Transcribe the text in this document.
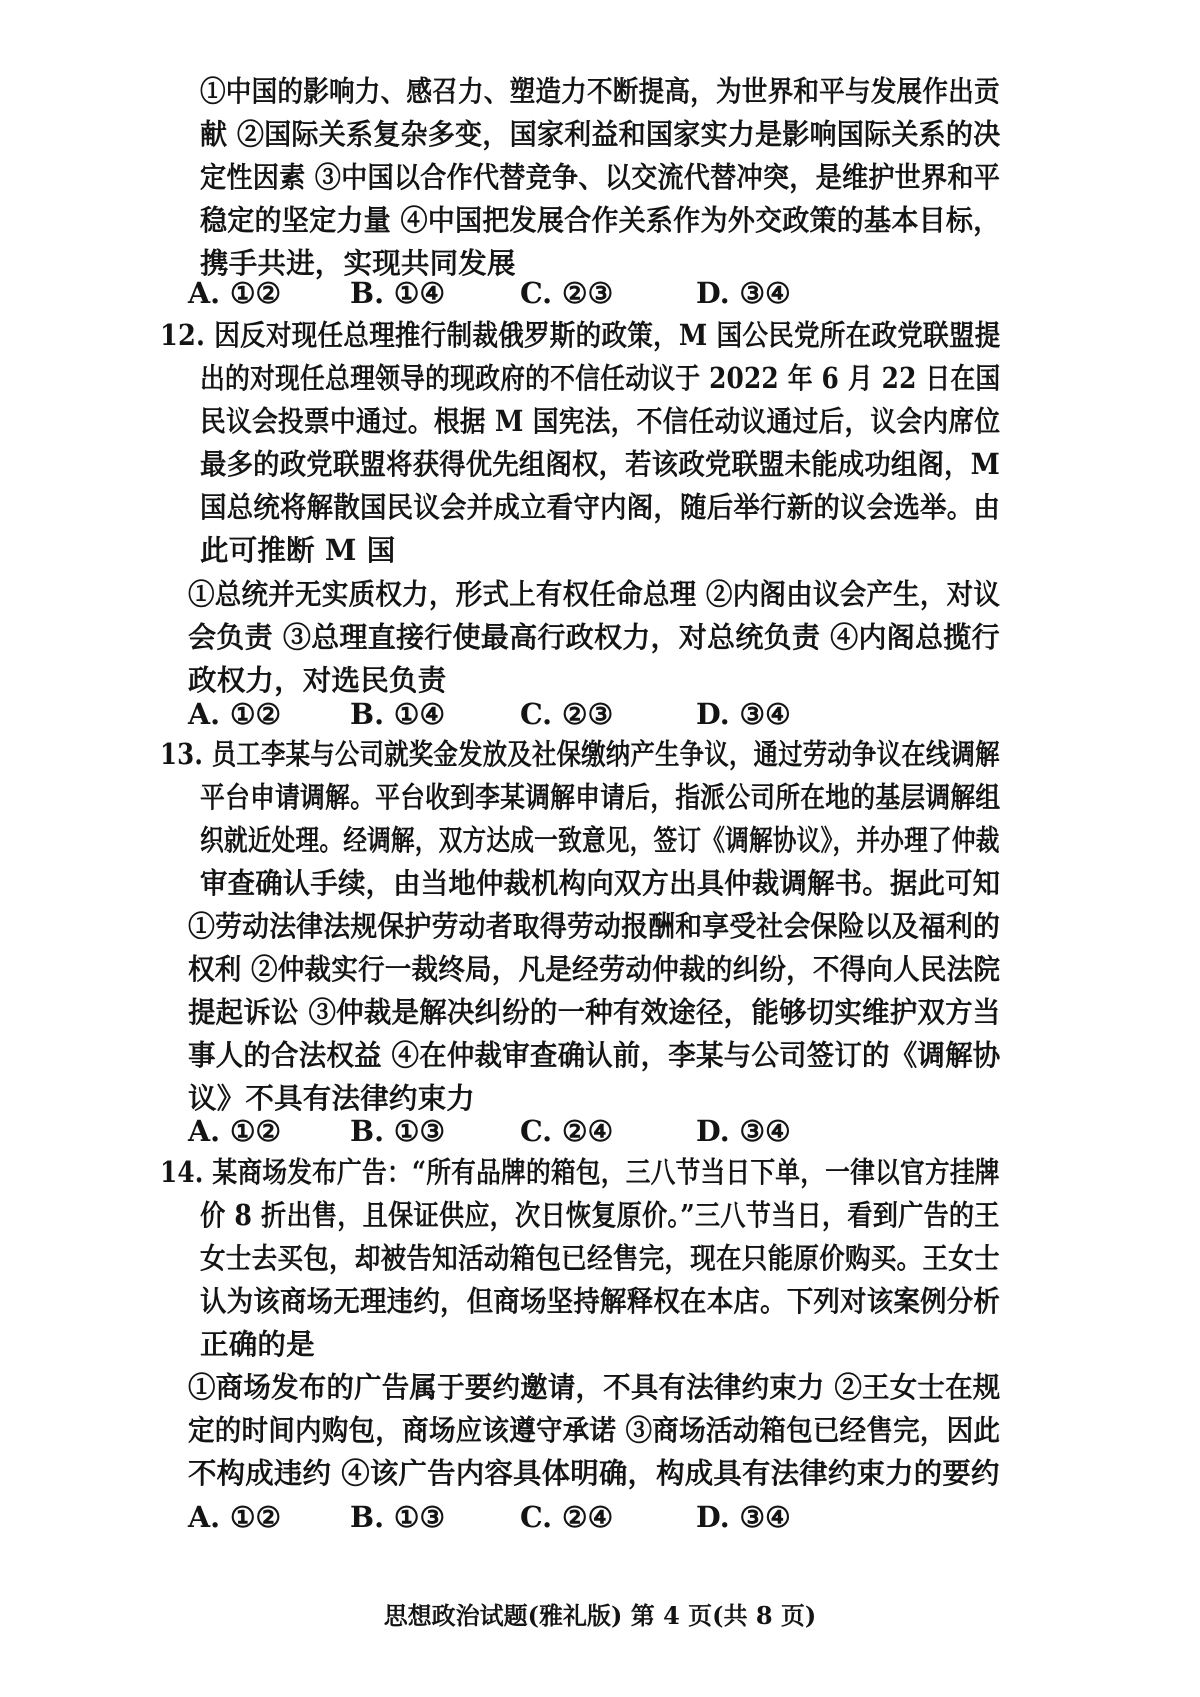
①中国的影响力、感召力、塑造力不断提高，为世界和平与发展作出贡
献 ②国际关系复杂多变，国家利益和国家实力是影响国际关系的决
定性因素 ③中国以合作代替竞争、以交流代替冲突，是维护世界和平
稳定的坚定力量 ④中国把发展合作关系作为外交政策的基本目标，
携手共进，实现共同发展
A. ①② B. ①④	C. ②③	D. ③④
12. 因反对现任总理推行制裁俄罗斯的政策，M 国公民党所在政党联盟提
出的对现任总理领导的现政府的不信任动议于 2022 年 6 月 22 日在国
民议会投票中通过。根据 M 国宪法，不信任动议通过后，议会内席位
最多的政党联盟将获得优先组阁权，若该政党联盟未能成功组阁，M
国总统将解散国民议会并成立看守内阁，随后举行新的议会选举。由
此可推断 M 国
①总统并无实质权力，形式上有权任命总理 ②内阁由议会产生，对议
会负责 ③总理直接行使最高行政权力，对总统负责 ④内阁总揽行
政权力，对选民负责
A. ①② B. ①④	C. ②③	D. ③④
13. 员工李某与公司就奖金发放及社保缴纳产生争议，通过劳动争议在线调解
平台申请调解。平台收到李某调解申请后，指派公司所在地的基层调解组
织就近处理。经调解，双方达成一致意见，签订《调解协议》，并办理了仲裁
审查确认手续，由当地仲裁机构向双方出具仲裁调解书。据此可知
①劳动法律法规保护劳动者取得劳动报酬和享受社会保险以及福利的
权利 ②仲裁实行一裁终局，凡是经劳动仲裁的纠纷，不得向人民法院
提起诉讼 ③仲裁是解决纠纷的一种有效途径，能够切实维护双方当
事人的合法权益 ④在仲裁审查确认前，李某与公司签订的《调解协
议》不具有法律约束力
A. ①② B. ①③	C. ②④	D. ③④
14. 某商场发布广告：“所有品牌的箱包，三八节当日下单，一律以官方挂牌
价 8 折出售，且保证供应，次日恢复原价。”三八节当日，看到广告的王
女士去买包，却被告知活动箱包已经售完，现在只能原价购买。王女士
认为该商场无理违约，但商场坚持解释权在本店。下列对该案例分析
正确的是
①商场发布的广告属于要约邀请，不具有法律约束力 ②王女士在规
定的时间内购包，商场应该遵守承诺 ③商场活动箱包已经售完，因此
不构成违约 ④该广告内容具体明确，构成具有法律约束力的要约
A. ①② B. ①③	C. ②④	D. ③④
思想政治试题(雅礼版) 第 4 页(共 8 页)
